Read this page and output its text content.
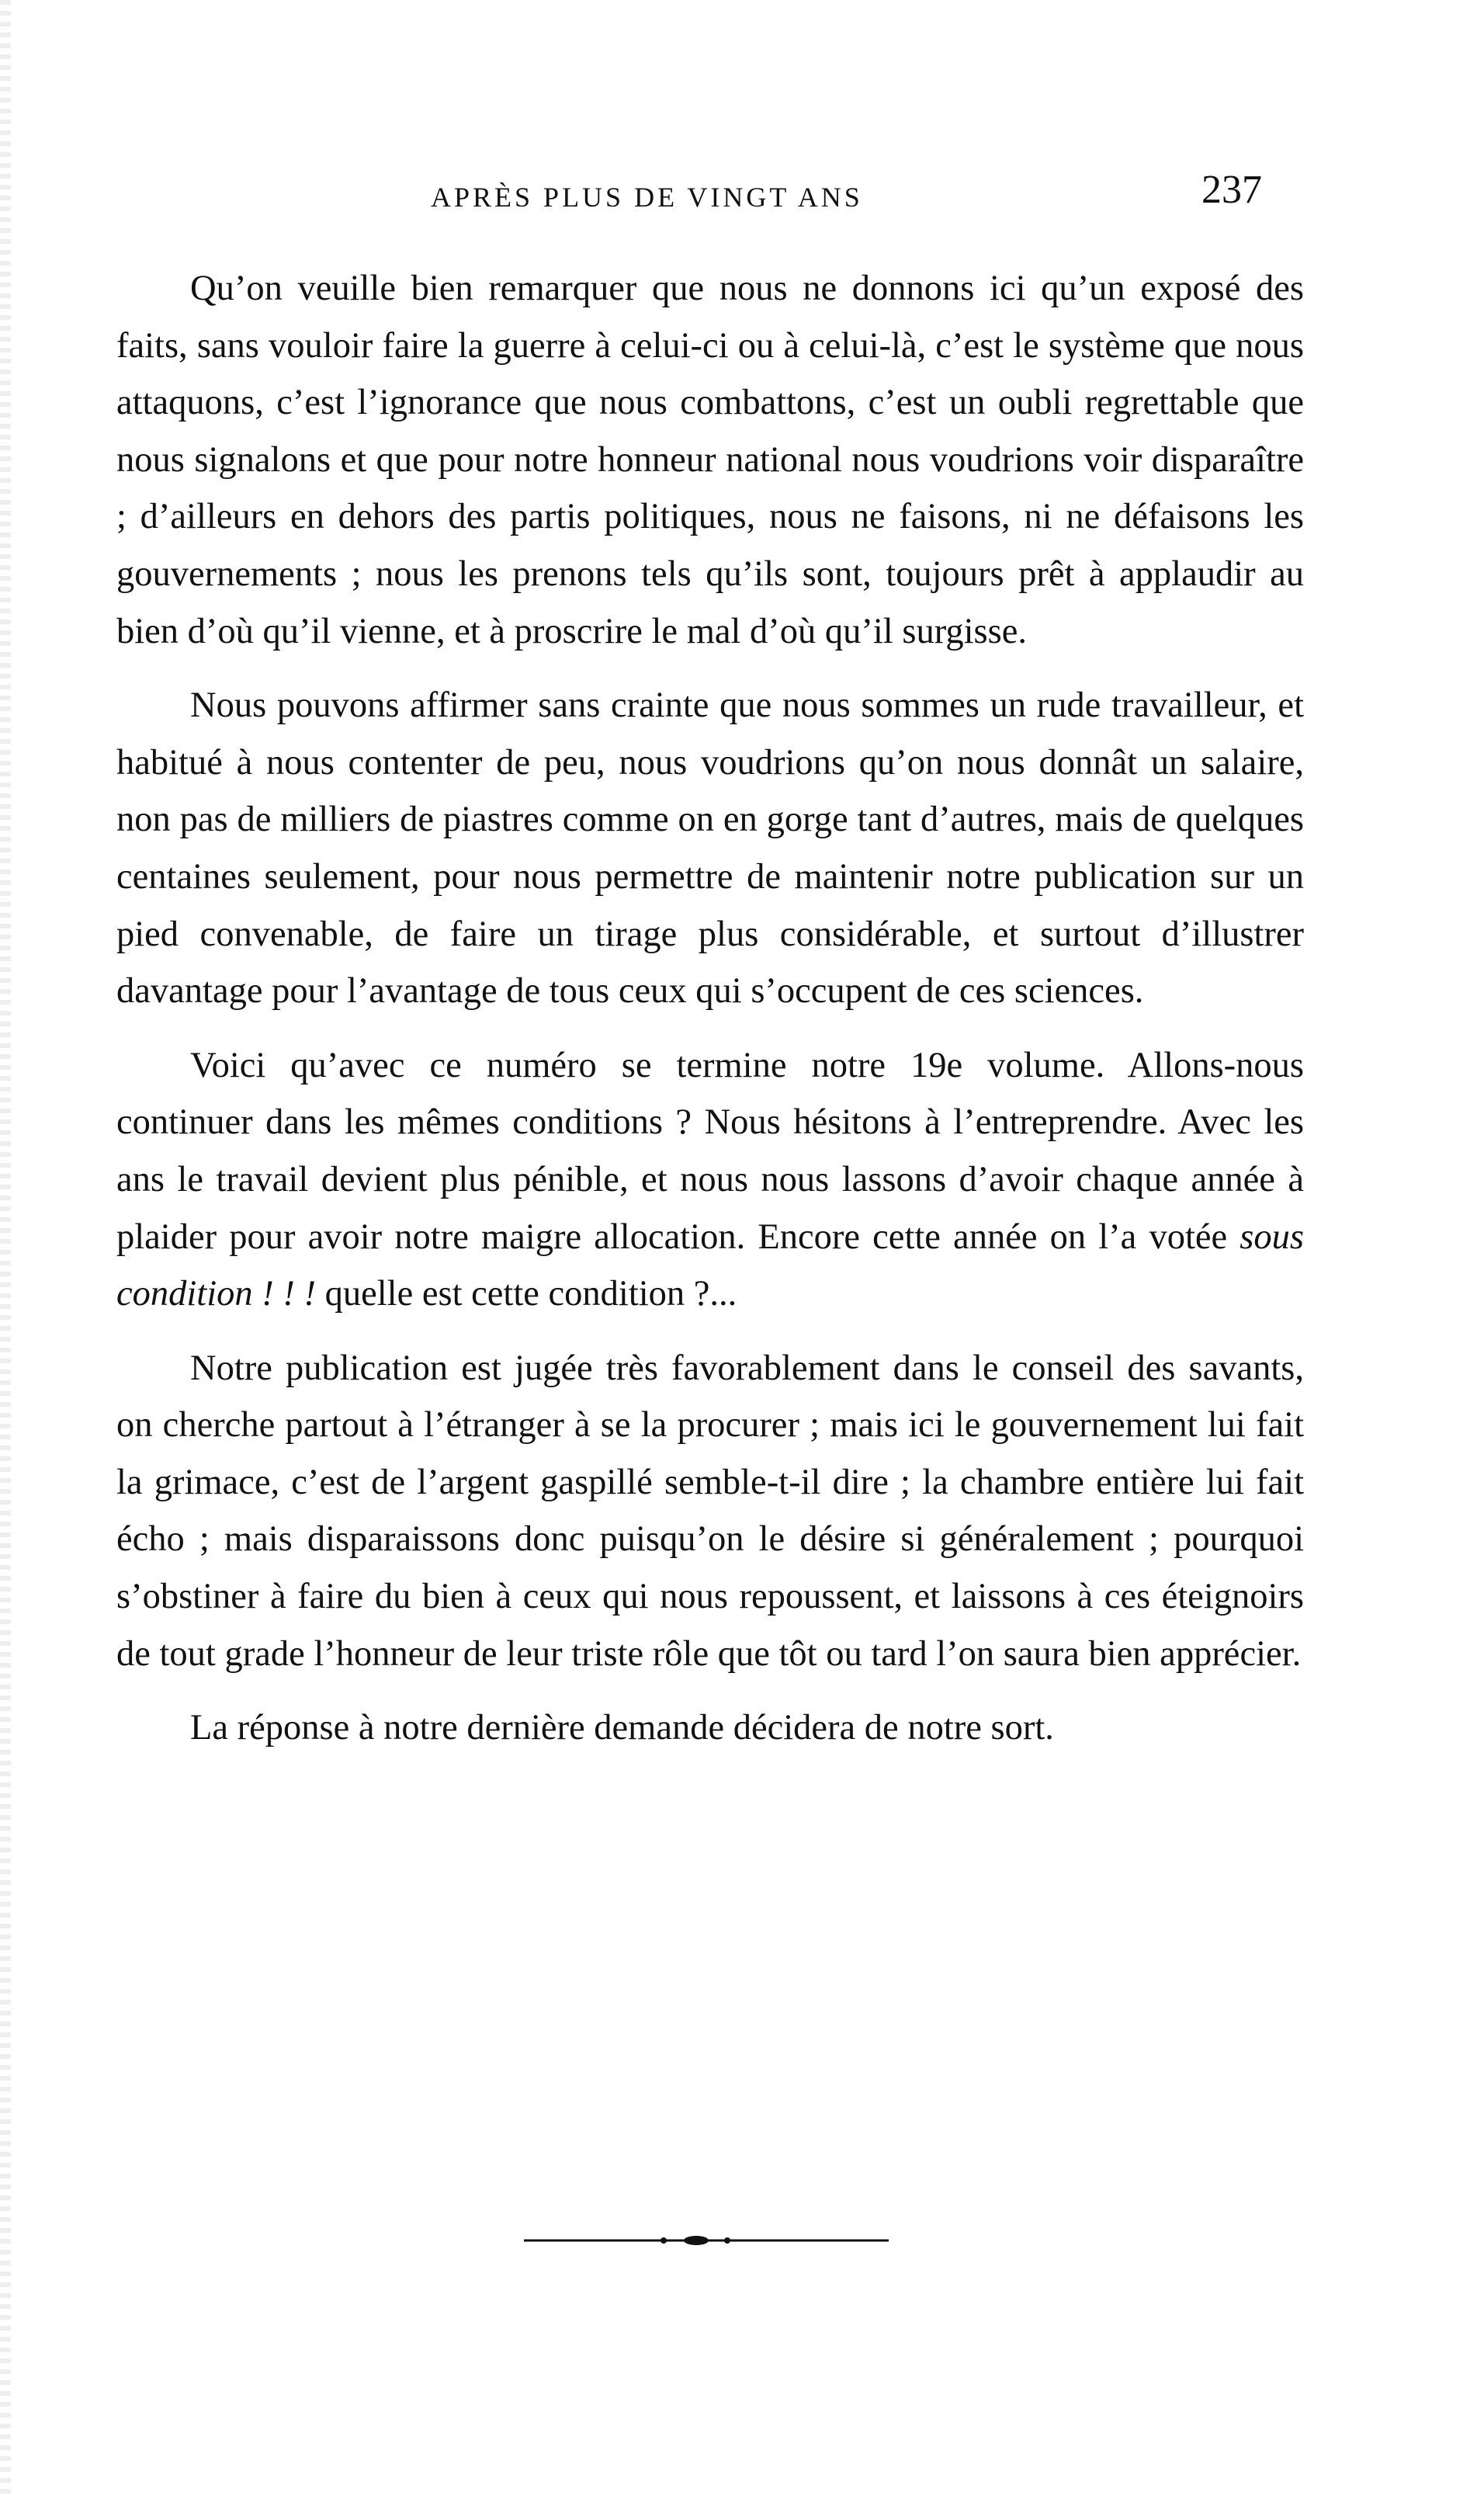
APRÈS PLUS DE VINGT ANS	237

Qu’on veuille bien remarquer que nous ne donnons ici qu’un exposé des faits, sans vouloir faire la guerre à celui-ci ou à celui-là, c’est le système que nous attaquons, c’est l’ignorance que nous combattons, c’est un oubli regrettable que nous signalons et que pour notre honneur national nous voudrions voir disparaître ; d’ailleurs en dehors des partis politiques, nous ne faisons, ni ne défaisons les gouvernements ; nous les prenons tels qu’ils sont, toujours prêt à applaudir au bien d’où qu’il vienne, et à proscrire le mal d’où qu’il surgisse.

Nous pouvons affirmer sans crainte que nous sommes un rude travailleur, et habitué à nous contenter de peu, nous voudrions qu’on nous donnât un salaire, non pas de milliers de piastres comme on en gorge tant d’autres, mais de quelques centaines seulement, pour nous permettre de maintenir notre publication sur un pied convenable, de faire un tirage plus considérable, et surtout d’illustrer davantage pour l’avantage de tous ceux qui s’occupent de ces sciences.

Voici qu’avec ce numéro se termine notre 19e volume. Allons-nous continuer dans les mêmes conditions ? Nous hésitons à l’entreprendre. Avec les ans le travail devient plus pénible, et nous nous lassons d’avoir chaque année à plaider pour avoir notre maigre allocation. Encore cette année on l’a votée sous condition ! ! ! quelle est cette condition ?...

Notre publication est jugée très favorablement dans le conseil des savants, on cherche partout à l’étranger à se la procurer ; mais ici le gouvernement lui fait la grimace, c’est de l’argent gaspillé semble-t-il dire ; la chambre entière lui fait écho ; mais disparaissons donc puisqu’on le désire si généralement ; pourquoi s’obstiner à faire du bien à ceux qui nous repoussent, et laissons à ces éteignoirs de tout grade l’honneur de leur triste rôle que tôt ou tard l’on saura bien apprécier.

La réponse à notre dernière demande décidera de notre sort.
